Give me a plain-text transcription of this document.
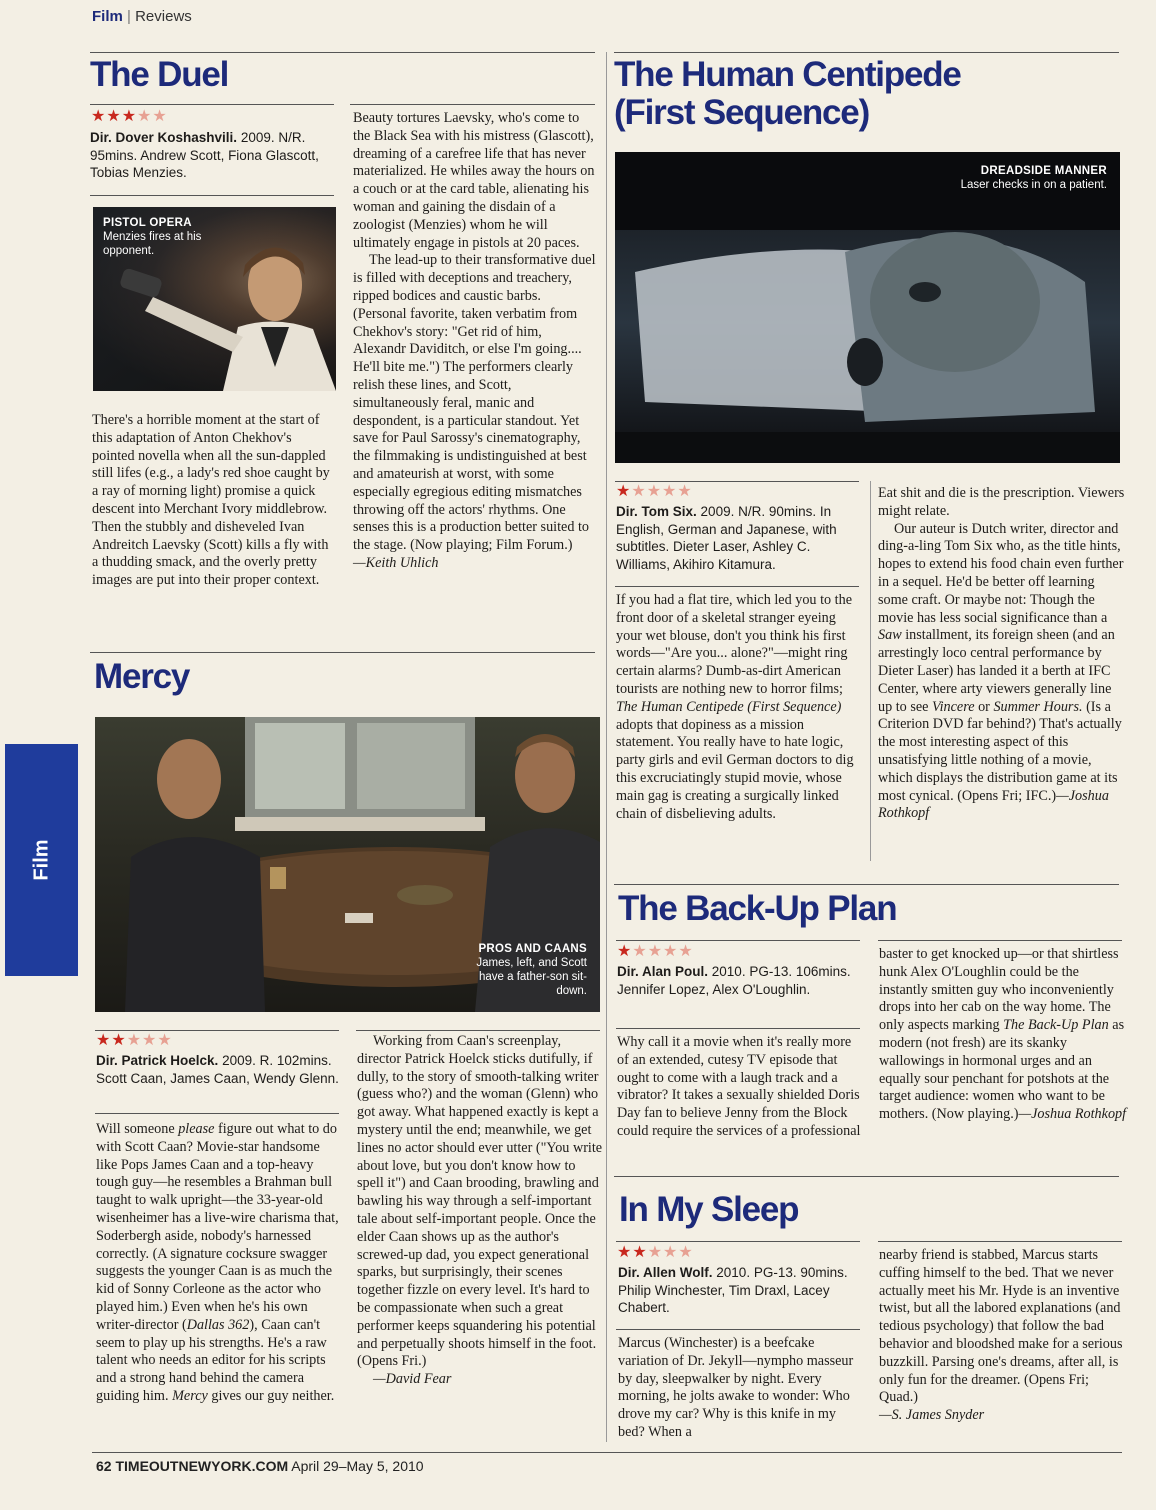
Film | Reviews
Film
The Duel
★★★★★
Dir. Dover Koshashvili. 2009. N/R. 95mins. Andrew Scott, Fiona Glascott, Tobias Menzies.
PISTOL OPERA
Menzies fires at his opponent.

There's a horrible moment at the start of this adaptation of Anton Chekhov's pointed novella when all the sun-dappled still lifes (e.g., a lady's red shoe caught by a ray of morning light) promise a quick descent into Merchant Ivory middlebrow. Then the stubbly and disheveled Ivan Andreitch Laevsky (Scott) kills a fly with a thudding smack, and the overly pretty images are put into their proper context.

Beauty tortures Laevsky, who's come to the Black Sea with his mistress (Glascott), dreaming of a carefree life that has never materialized. He whiles away the hours on a couch or at the card table, alienating his woman and gaining the disdain of a zoologist (Menzies) whom he will ultimately engage in pistols at 20 paces.

The lead-up to their transformative duel is filled with deceptions and treachery, ripped bodices and caustic barbs. (Personal favorite, taken verbatim from Chekhov's story: "Get rid of him, Alexandr Daviditch, or else I'm going.... He'll bite me.") The performers clearly relish these lines, and Scott, simultaneously feral, manic and despondent, is a particular standout. Yet save for Paul Sarossy's cinematography, the filmmaking is undistinguished at best and amateurish at worst, with some especially egregious editing mismatches throwing off the actors' rhythms. One senses this is a production better suited to the stage. (Now playing; Film Forum.)

—Keith Uhlich

Mercy
PROS AND CAANS
James, left, and Scott have a father-son sit-down.
★★★★★
Dir. Patrick Hoelck. 2009. R. 102mins. Scott Caan, James Caan, Wendy Glenn.

Will someone please figure out what to do with Scott Caan? Movie-star handsome like Pops James Caan and a top-heavy tough guy—he resembles a Brahman bull taught to walk upright—the 33-year-old wisenheimer has a live-wire charisma that, Soderbergh aside, nobody's harnessed correctly. (A signature cocksure swagger suggests the younger Caan is as much the kid of Sonny Corleone as the actor who played him.) Even when he's his own writer-director (Dallas 362), Caan can't seem to play up his strengths. He's a raw talent who needs an editor for his scripts and a strong hand behind the camera guiding him. Mercy gives our guy neither.

Working from Caan's screenplay, director Patrick Hoelck sticks dutifully, if dully, to the story of smooth-talking writer (guess who?) and the woman (Glenn) who got away. What happened exactly is kept a mystery until the end; meanwhile, we get lines no actor should ever utter ("You write about love, but you don't know how to spell it") and Caan brooding, brawling and bawling his way through a self-important tale about self-important people. Once the elder Caan shows up as the author's screwed-up dad, you expect generational sparks, but surprisingly, their scenes together fizzle on every level. It's hard to be compassionate when such a great performer keeps squandering his potential and perpetually shoots himself in the foot. (Opens Fri.)

—David Fear

The Human Centipede
(First Sequence)
DREADSIDE MANNER
Laser checks in on a patient.
★★★★★
Dir. Tom Six. 2009. N/R. 90mins. In English, German and Japanese, with subtitles. Dieter Laser, Ashley C. Williams, Akihiro Kitamura.

If you had a flat tire, which led you to the front door of a skeletal stranger eyeing your wet blouse, don't you think his first words—"Are you... alone?"—might ring certain alarms? Dumb-as-dirt American tourists are nothing new to horror films; The Human Centipede (First Sequence) adopts that dopiness as a mission statement. You really have to hate logic, party girls and evil German doctors to dig this excruciatingly stupid movie, whose main gag is creating a surgically linked chain of disbelieving adults.

Eat shit and die is the prescription. Viewers might relate.

Our auteur is Dutch writer, director and ding-a-ling Tom Six who, as the title hints, hopes to extend his food chain even further in a sequel. He'd be better off learning some craft. Or maybe not: Though the movie has less social significance than a Saw installment, its foreign sheen (and an arrestingly loco central performance by Dieter Laser) has landed it a berth at IFC Center, where arty viewers generally line up to see Vincere or Summer Hours. (Is a Criterion DVD far behind?) That's actually the most interesting aspect of this unsatisfying little nothing of a movie, which displays the distribution game at its most cynical. (Opens Fri; IFC.)—Joshua Rothkopf

The Back-Up Plan
★★★★★
Dir. Alan Poul. 2010. PG-13. 106mins. Jennifer Lopez, Alex O'Loughlin.

Why call it a movie when it's really more of an extended, cutesy TV episode that ought to come with a laugh track and a vibrator? It takes a sexually shielded Doris Day fan to believe Jenny from the Block could require the services of a professional

baster to get knocked up—or that shirtless hunk Alex O'Loughlin could be the instantly smitten guy who inconveniently drops into her cab on the way home. The only aspects marking The Back-Up Plan as modern (not fresh) are its skanky wallowings in hormonal urges and an equally sour penchant for potshots at the target audience: women who want to be mothers. (Now playing.)—Joshua Rothkopf

In My Sleep
★★★★★
Dir. Allen Wolf. 2010. PG-13. 90mins. Philip Winchester, Tim Draxl, Lacey Chabert.

Marcus (Winchester) is a beefcake variation of Dr. Jekyll—nympho masseur by day, sleepwalker by night. Every morning, he jolts awake to wonder: Who drove my car? Why is this knife in my bed? When a

nearby friend is stabbed, Marcus starts cuffing himself to the bed. That we never actually meet his Mr. Hyde is an inventive twist, but all the labored explanations (and tedious psychology) that follow the bad behavior and bloodshed make for a serious buzzkill. Parsing one's dreams, after all, is only fun for the dreamer. (Opens Fri; Quad.)

—S. James Snyder

62 TIMEOUTNEWYORK.COM April 29–May 5, 2010
